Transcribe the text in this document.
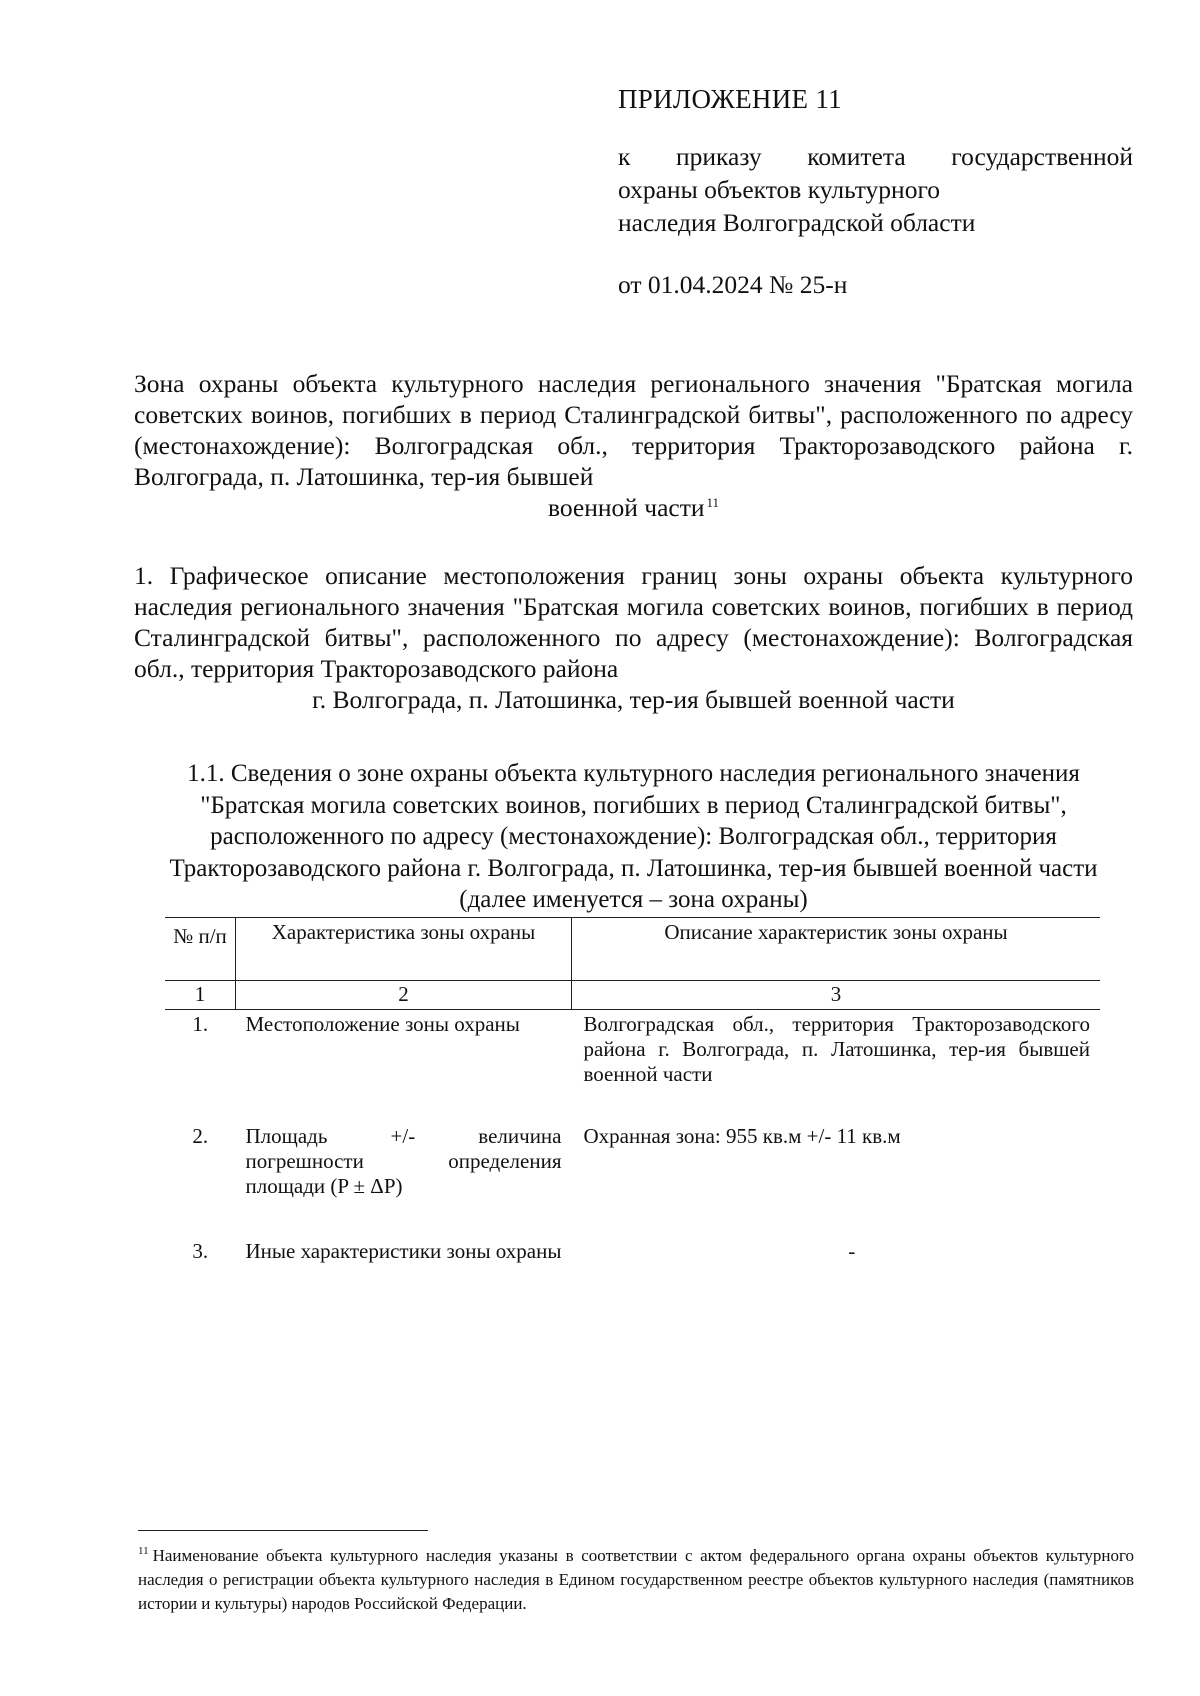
ПРИЛОЖЕНИЕ 11
к приказу комитета государственной
охраны объектов культурного
наследия Волгоградской области
от 01.04.2024 № 25-н
Зона охраны объекта культурного наследия регионального значения "Братская могила советских воинов, погибших в период Сталинградской битвы", расположенного по адресу (местонахождение): Волгоградская обл., территория Тракторозаводского района г. Волгограда, п. Латошинка, тер-ия бывшей
военной части $^{11}$
1. Графическое описание местоположения границ зоны охраны объекта культурного наследия регионального значения "Братская могила советских воинов, погибших в период Сталинградской битвы", расположенного по адресу (местонахождение): Волгоградская обл., территория Тракторозаводского района
г. Волгограда, п. Латошинка, тер-ия бывшей военной части
1.1. Сведения о зоне охраны объекта культурного наследия регионального значения "Братская могила советских воинов, погибших в период Сталинградской битвы", расположенного по адресу (местонахождение): Волгоградская обл., территория Тракторозаводского района г. Волгограда, п. Латошинка, тер-ия бывшей военной части (далее именуется – зона охраны)
№ п/п	Характеристика зоны охраны	Описание характеристик зоны охраны
1	2	3
1.	Местоположение зоны охраны	Волгоградская обл., территория Тракторозаводского района г. Волгограда, п. Латошинка, тер-ия бывшей военной части
2.	Площадь +/- величина погрешности определения площади (P ± ΔP)	Охранная зона: 955 кв.м +/- 11 кв.м
3.	Иные характеристики зоны охраны	-
$^{11}$ Наименование объекта культурного наследия указаны в соответствии с актом федерального органа охраны объектов культурного наследия о регистрации объекта культурного наследия в Едином государственном реестре объектов культурного наследия (памятников истории и культуры) народов Российской Федерации.
